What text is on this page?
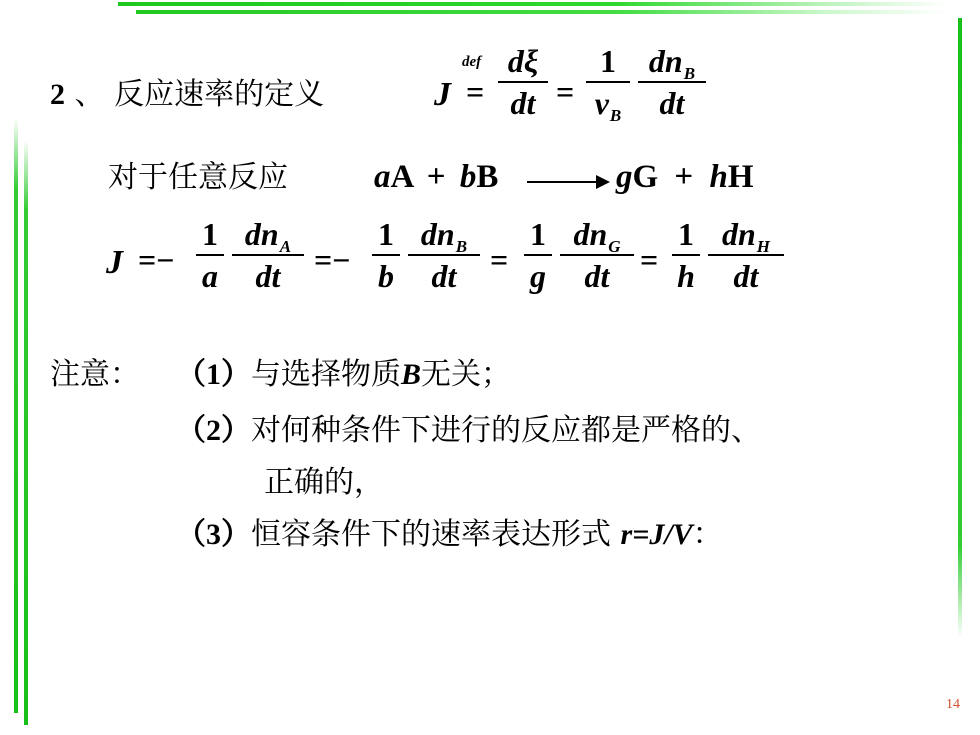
2 、 反应速率的定义	J
def
=
dξ
dt =
1
$\nu_B$
$dn_B$
dt
对于任意反应	aA + bB	gG + hH
J =−
1
a
$dn_A$
dt	=−
1
b
$dn_B$
dt	=
1
g
$dn_G$
dt =
1
h
$dn_H$
dt
注意： （1）与选择物质B无关；
（2）对何种条件下进行的反应都是严格的、
正确的，
（3）恒容条件下的速率表达形式 r=J/V：
14
